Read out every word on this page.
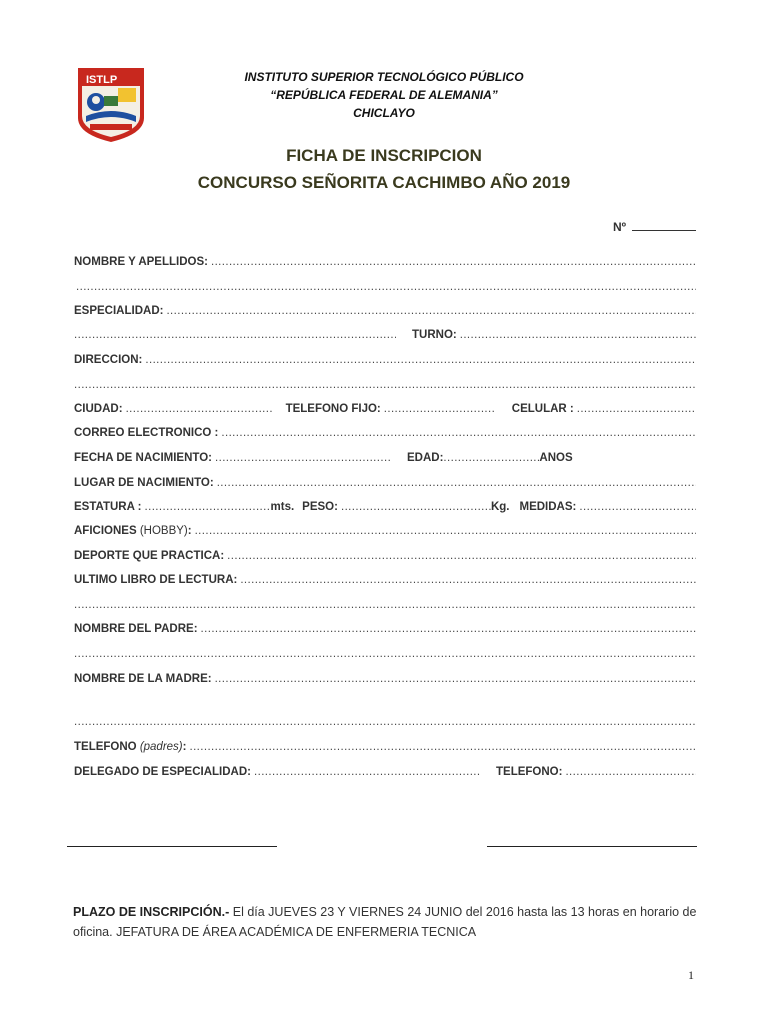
ISTLP	INSTITUTO SUPERIOR TECNOLÓGICO PÚBLICO
“REPÚBLICA FEDERAL DE ALEMANIA”
CHICLAYO
FICHA DE INSCRIPCION
CONCURSO SEÑORITA CACHIMBO AÑO 2019
Nº
NOMBRE Y APELLIDOS:
.....
.....
ESPECIALIDAD:
.....
.....
TURNO:
.....
DIRECCION:
.....
.....
CIUDAD: .....	TELEFONO FIJO: .....	CELULAR :
.....
CORREO ELECTRÓNICO :
.....
FECHA DE NACIMIENTO: .....	EDAD: .....	AÑOS
LUGAR DE NACIMIENTO:
.....
ESTATURA : .....	mts. PESO: .....	Kg. MEDIDAS:
.....
AFICIONES (HOBBY):
.....
DEPORTE QUE PRACTICA:
.....
ULTIMO LIBRO DE LECTURA:
.....
.....
NOMBRE DEL PADRE:
.....
.....
NOMBRE DE LA MADRE:
.....
.....
TELÉFONO (padres):
.....
DELEGADO DE ESPECIALIDAD: .....	TELEFONO:
.....
PLAZO DE INSCRIPCIÓN.- El día JUEVES 23 Y VIERNES 24 JUNIO del 2016 hasta las 13 horas en horario de oficina. JEFATURA DE ÁREA ACADÉMICA DE ENFERMERIA TECNICA
1
